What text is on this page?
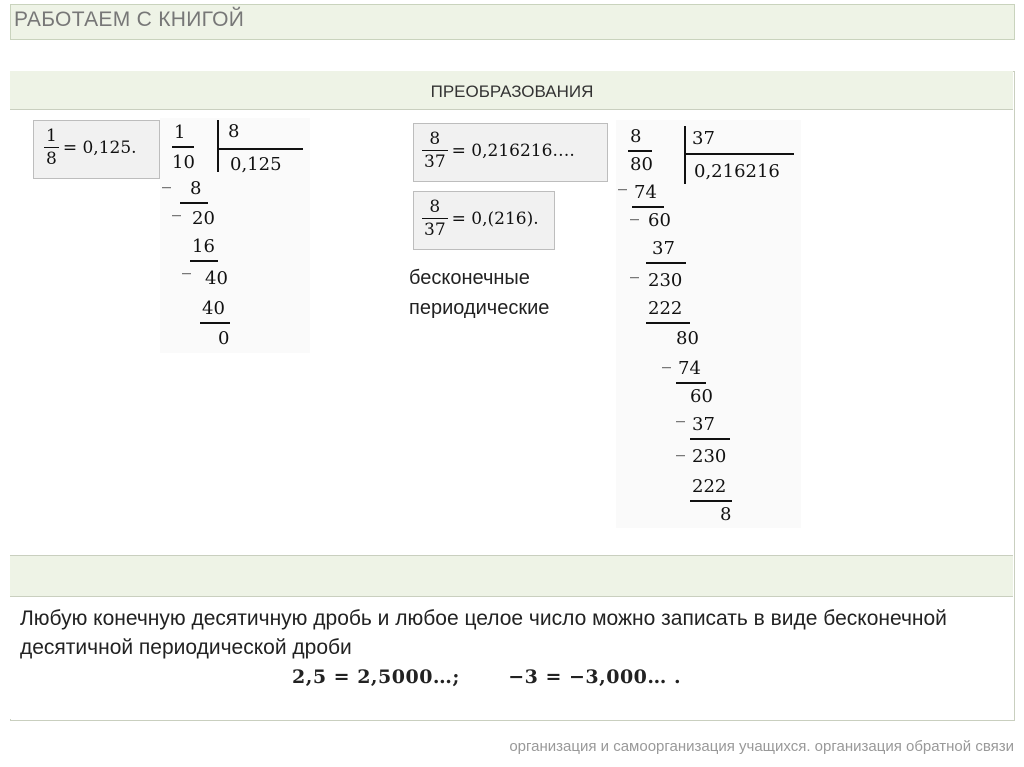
РАБОТАЕМ С КНИГОЙ
ПРЕОБРАЗОВАНИЯ
$\frac{1}{8} = 0,125$.
1
10
8
0,125
_ 8
_
20
16
_
40
40
0
$\frac{8}{37}$ = 0,216216….
$\frac{8}{37} = 0,(216)$.
бесконечные
периодические
8
80
37
0,216216
_
74
_ 60
37
_
230
222
80
_ 74
60
_
37
_ 230
222
8
Любую конечную десятичную дробь и любое целое число можно записать в виде бесконечной десятичной периодической дроби
2,5 = 2,5000…;	−3 = −3,000… .
организация и самоорганизация учащихся. организация обратной связи
